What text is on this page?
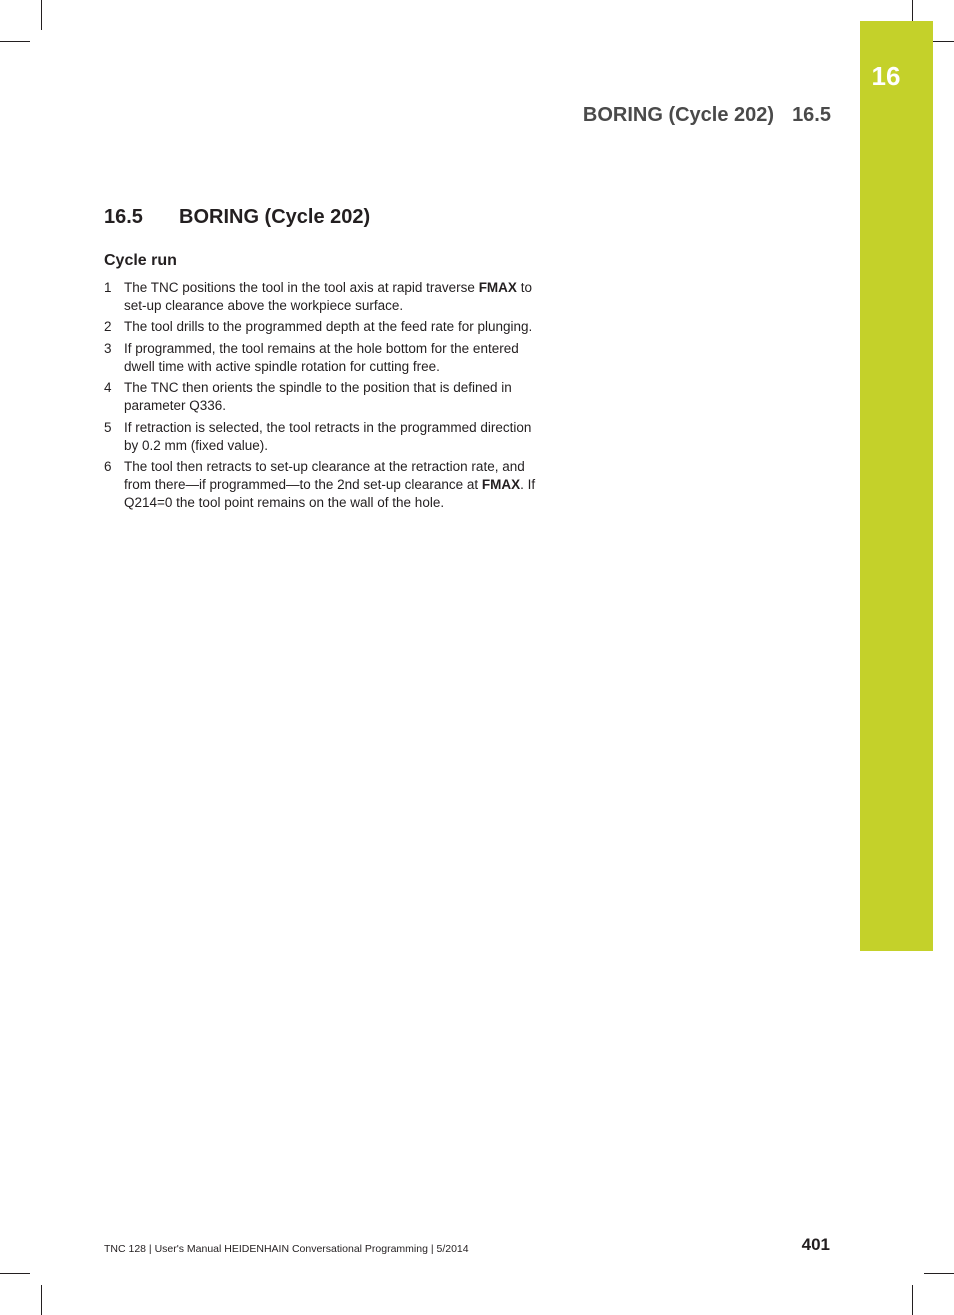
16
BORING (Cycle 202) 16.5
16.5 BORING (Cycle 202)
Cycle run
1 The TNC positions the tool in the tool axis at rapid traverse FMAX to set-up clearance above the workpiece surface.
2 The tool drills to the programmed depth at the feed rate for plunging.
3 If programmed, the tool remains at the hole bottom for the entered dwell time with active spindle rotation for cutting free.
4 The TNC then orients the spindle to the position that is defined in parameter Q336.
5 If retraction is selected, the tool retracts in the programmed direction by 0.2 mm (fixed value).
6 The tool then retracts to set-up clearance at the retraction rate, and from there—if programmed—to the 2nd set-up clearance at FMAX. If Q214=0 the tool point remains on the wall of the hole.
TNC 128 | User's Manual HEIDENHAIN Conversational Programming | 5/2014	401
